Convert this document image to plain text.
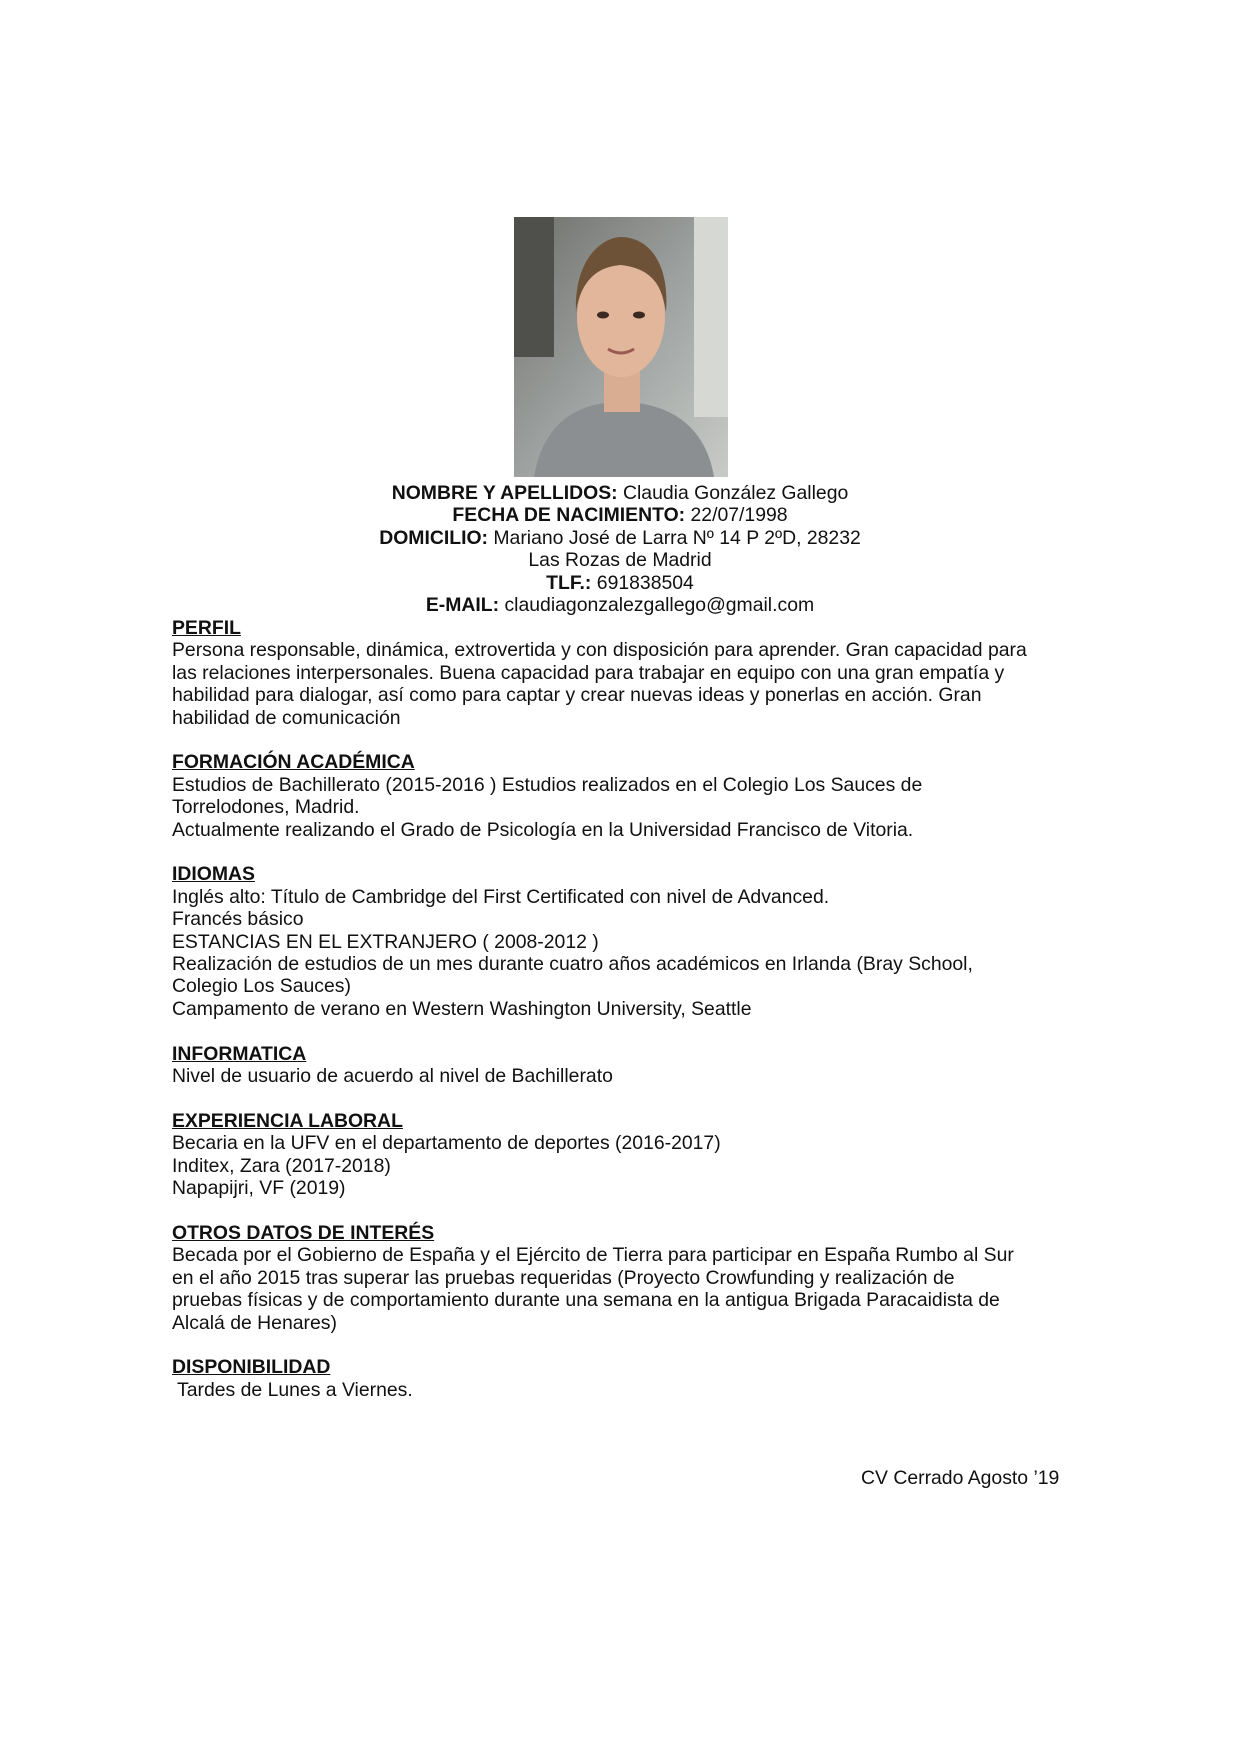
NOMBRE Y APELLIDOS: Claudia González Gallego
FECHA DE NACIMIENTO: 22/07/1998
DOMICILIO: Mariano José de Larra Nº 14 P 2ºD, 28232
Las Rozas de Madrid
TLF.: 691838504
E-MAIL: claudiagonzalezgallego@gmail.com
PERFIL
Persona responsable, dinámica, extrovertida y con disposición para aprender. Gran capacidad para
las relaciones interpersonales. Buena capacidad para trabajar en equipo con una gran empatía y
habilidad para dialogar, así como para captar y crear nuevas ideas y ponerlas en acción. Gran
habilidad de comunicación
FORMACIÓN ACADÉMICA
Estudios de Bachillerato (2015-2016 ) Estudios realizados en el Colegio Los Sauces de
Torrelodones, Madrid.
Actualmente realizando el Grado de Psicología en la Universidad Francisco de Vitoria.
IDIOMAS
Inglés alto: Título de Cambridge del First Certificated con nivel de Advanced.
Francés básico
ESTANCIAS EN EL EXTRANJERO ( 2008-2012 )
Realización de estudios de un mes durante cuatro años académicos en Irlanda (Bray School,
Colegio Los Sauces)
Campamento de verano en Western Washington University, Seattle
INFORMATICA
Nivel de usuario de acuerdo al nivel de Bachillerato
EXPERIENCIA LABORAL
Becaria en la UFV en el departamento de deportes (2016-2017)
Inditex, Zara (2017-2018)
Napapijri, VF (2019)
OTROS DATOS DE INTERÉS
Becada por el Gobierno de España y el Ejército de Tierra para participar en España Rumbo al Sur
en el año 2015 tras superar las pruebas requeridas (Proyecto Crowfunding y realización de
pruebas físicas y de comportamiento durante una semana en la antigua Brigada Paracaidista de
Alcalá de Henares)
DISPONIBILIDAD
Tardes de Lunes a Viernes.
CV Cerrado Agosto ’19
